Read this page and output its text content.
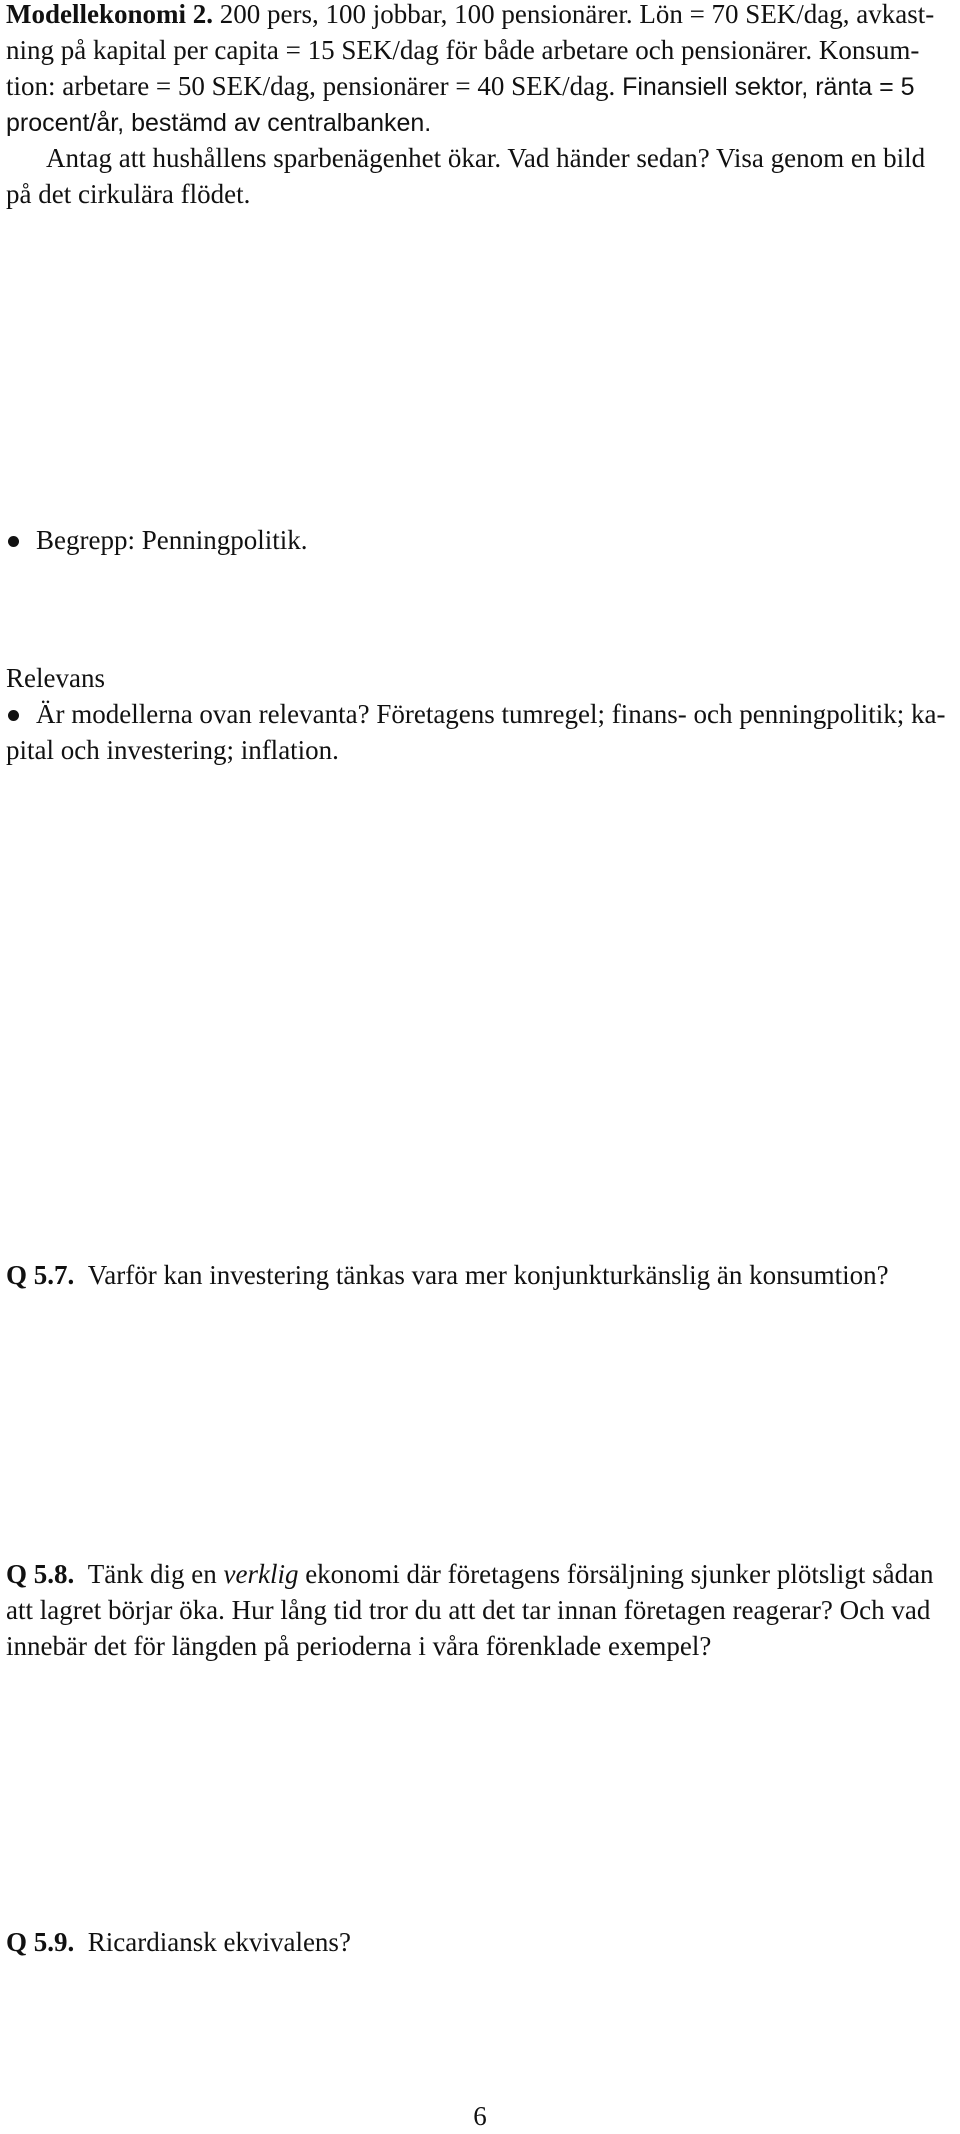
Modellekonomi 2. 200 pers, 100 jobbar, 100 pensionärer. Lön = 70 SEK/dag, avkast-
ning på kapital per capita = 15 SEK/dag för både arbetare och pensionärer. Konsum-
tion: arbetare = 50 SEK/dag, pensionärer = 40 SEK/dag. Finansiell sektor, ränta = 5
procent/år, bestämd av centralbanken.
Antag att hushållens sparbenägenhet ökar. Vad händer sedan? Visa genom en bild
på det cirkulära flödet.
Begrepp: Penningpolitik.
Relevans
Är modellerna ovan relevanta? Företagens tumregel; finans- och penningpolitik; ka-
pital och investering; inflation.
Q 5.7. Varför kan investering tänkas vara mer konjunkturkänslig än konsumtion?
Q 5.8. Tänk dig en verklig ekonomi där företagens försäljning sjunker plötsligt sådan
att lagret börjar öka. Hur lång tid tror du att det tar innan företagen reagerar? Och vad
innebär det för längden på perioderna i våra förenklade exempel?
Q 5.9. Ricardiansk ekvivalens?
6
